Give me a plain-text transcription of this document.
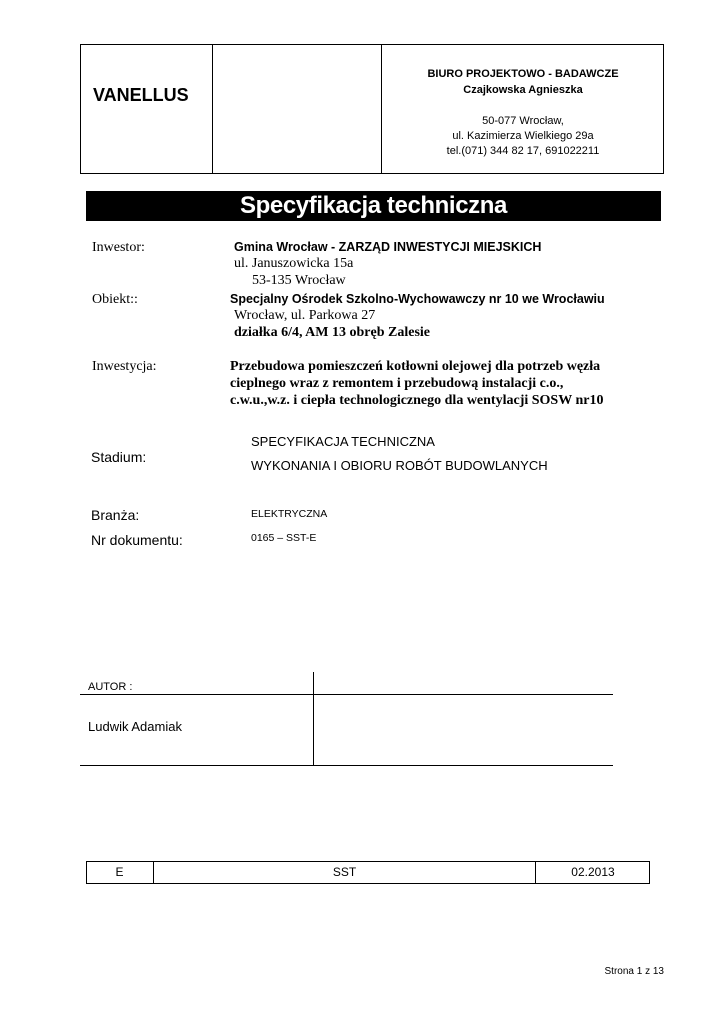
VANELLUS
BIURO PROJEKTOWO - BADAWCZE
Czajkowska Agnieszka
50-077 Wrocław,
ul. Kazimierza Wielkiego 29a
tel.(071) 344 82 17, 691022211
Specyfikacja techniczna
Inwestor:	Gmina Wrocław - ZARZĄD INWESTYCJI MIEJSKICH
ul. Januszowicka 15a
53-135 Wrocław
Obiekt::	Specjalny Ośrodek Szkolno-Wychowawczy nr 10 we Wrocławiu
Wrocław, ul. Parkowa 27
działka 6/4, AM 13 obręb Zalesie
Inwestycja:	Przebudowa pomieszczeń kotłowni olejowej dla potrzeb węzła
cieplnego wraz z remontem i przebudową instalacji c.o.,
c.w.u.,w.z. i ciepła technologicznego dla wentylacji SOSW nr10
Stadium:
SPECYFIKACJA TECHNICZNA
WYKONANIA I OBIORU ROBÓT BUDOWLANYCH
Branża:	ELEKTRYCZNA
Nr dokumentu:	0165 – SST-E
AUTOR :
Ludwik Adamiak
E	SST	02.2013
Strona 1 z 13
